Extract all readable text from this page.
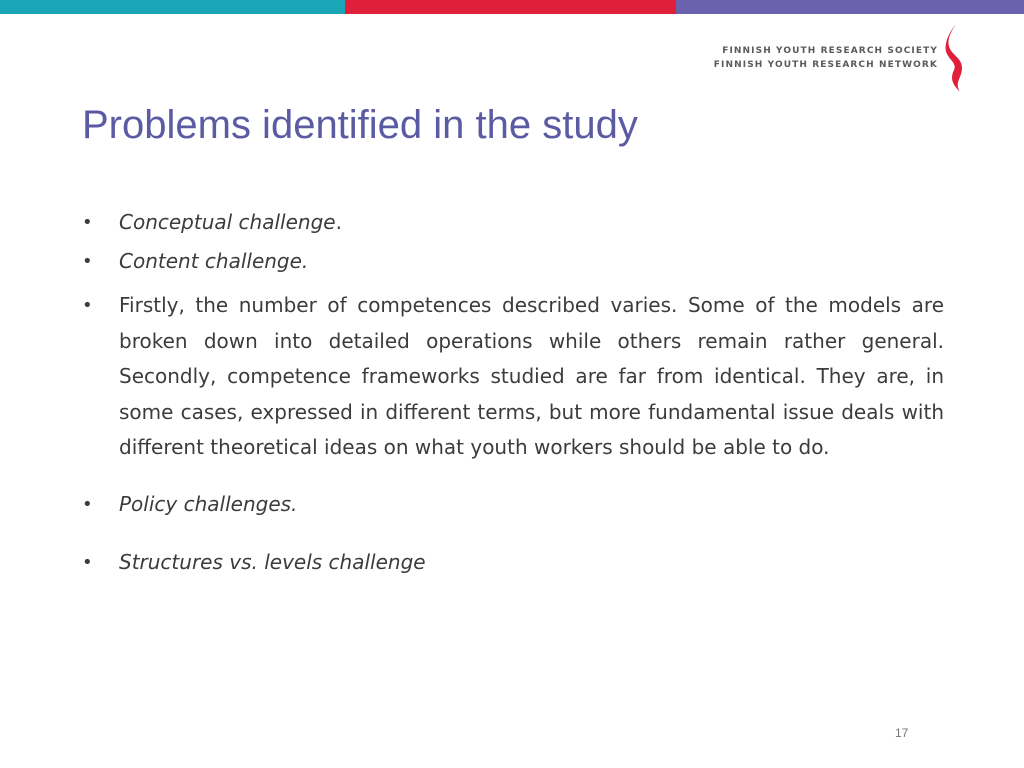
FINNISH YOUTH RESEARCH SOCIETY
FINNISH YOUTH RESEARCH NETWORK
Problems identified in the study
•	Conceptual challenge.
•	Content challenge.
•	Firstly, the number of competences described varies. Some of the models are broken down into detailed operations while others remain rather general. Secondly, competence frameworks studied are far from identical. They are, in some cases, expressed in different terms, but more fundamental issue deals with different theoretical ideas on what youth workers should be able to do.
•	Policy challenges.
•	Structures vs. levels challenge
17
